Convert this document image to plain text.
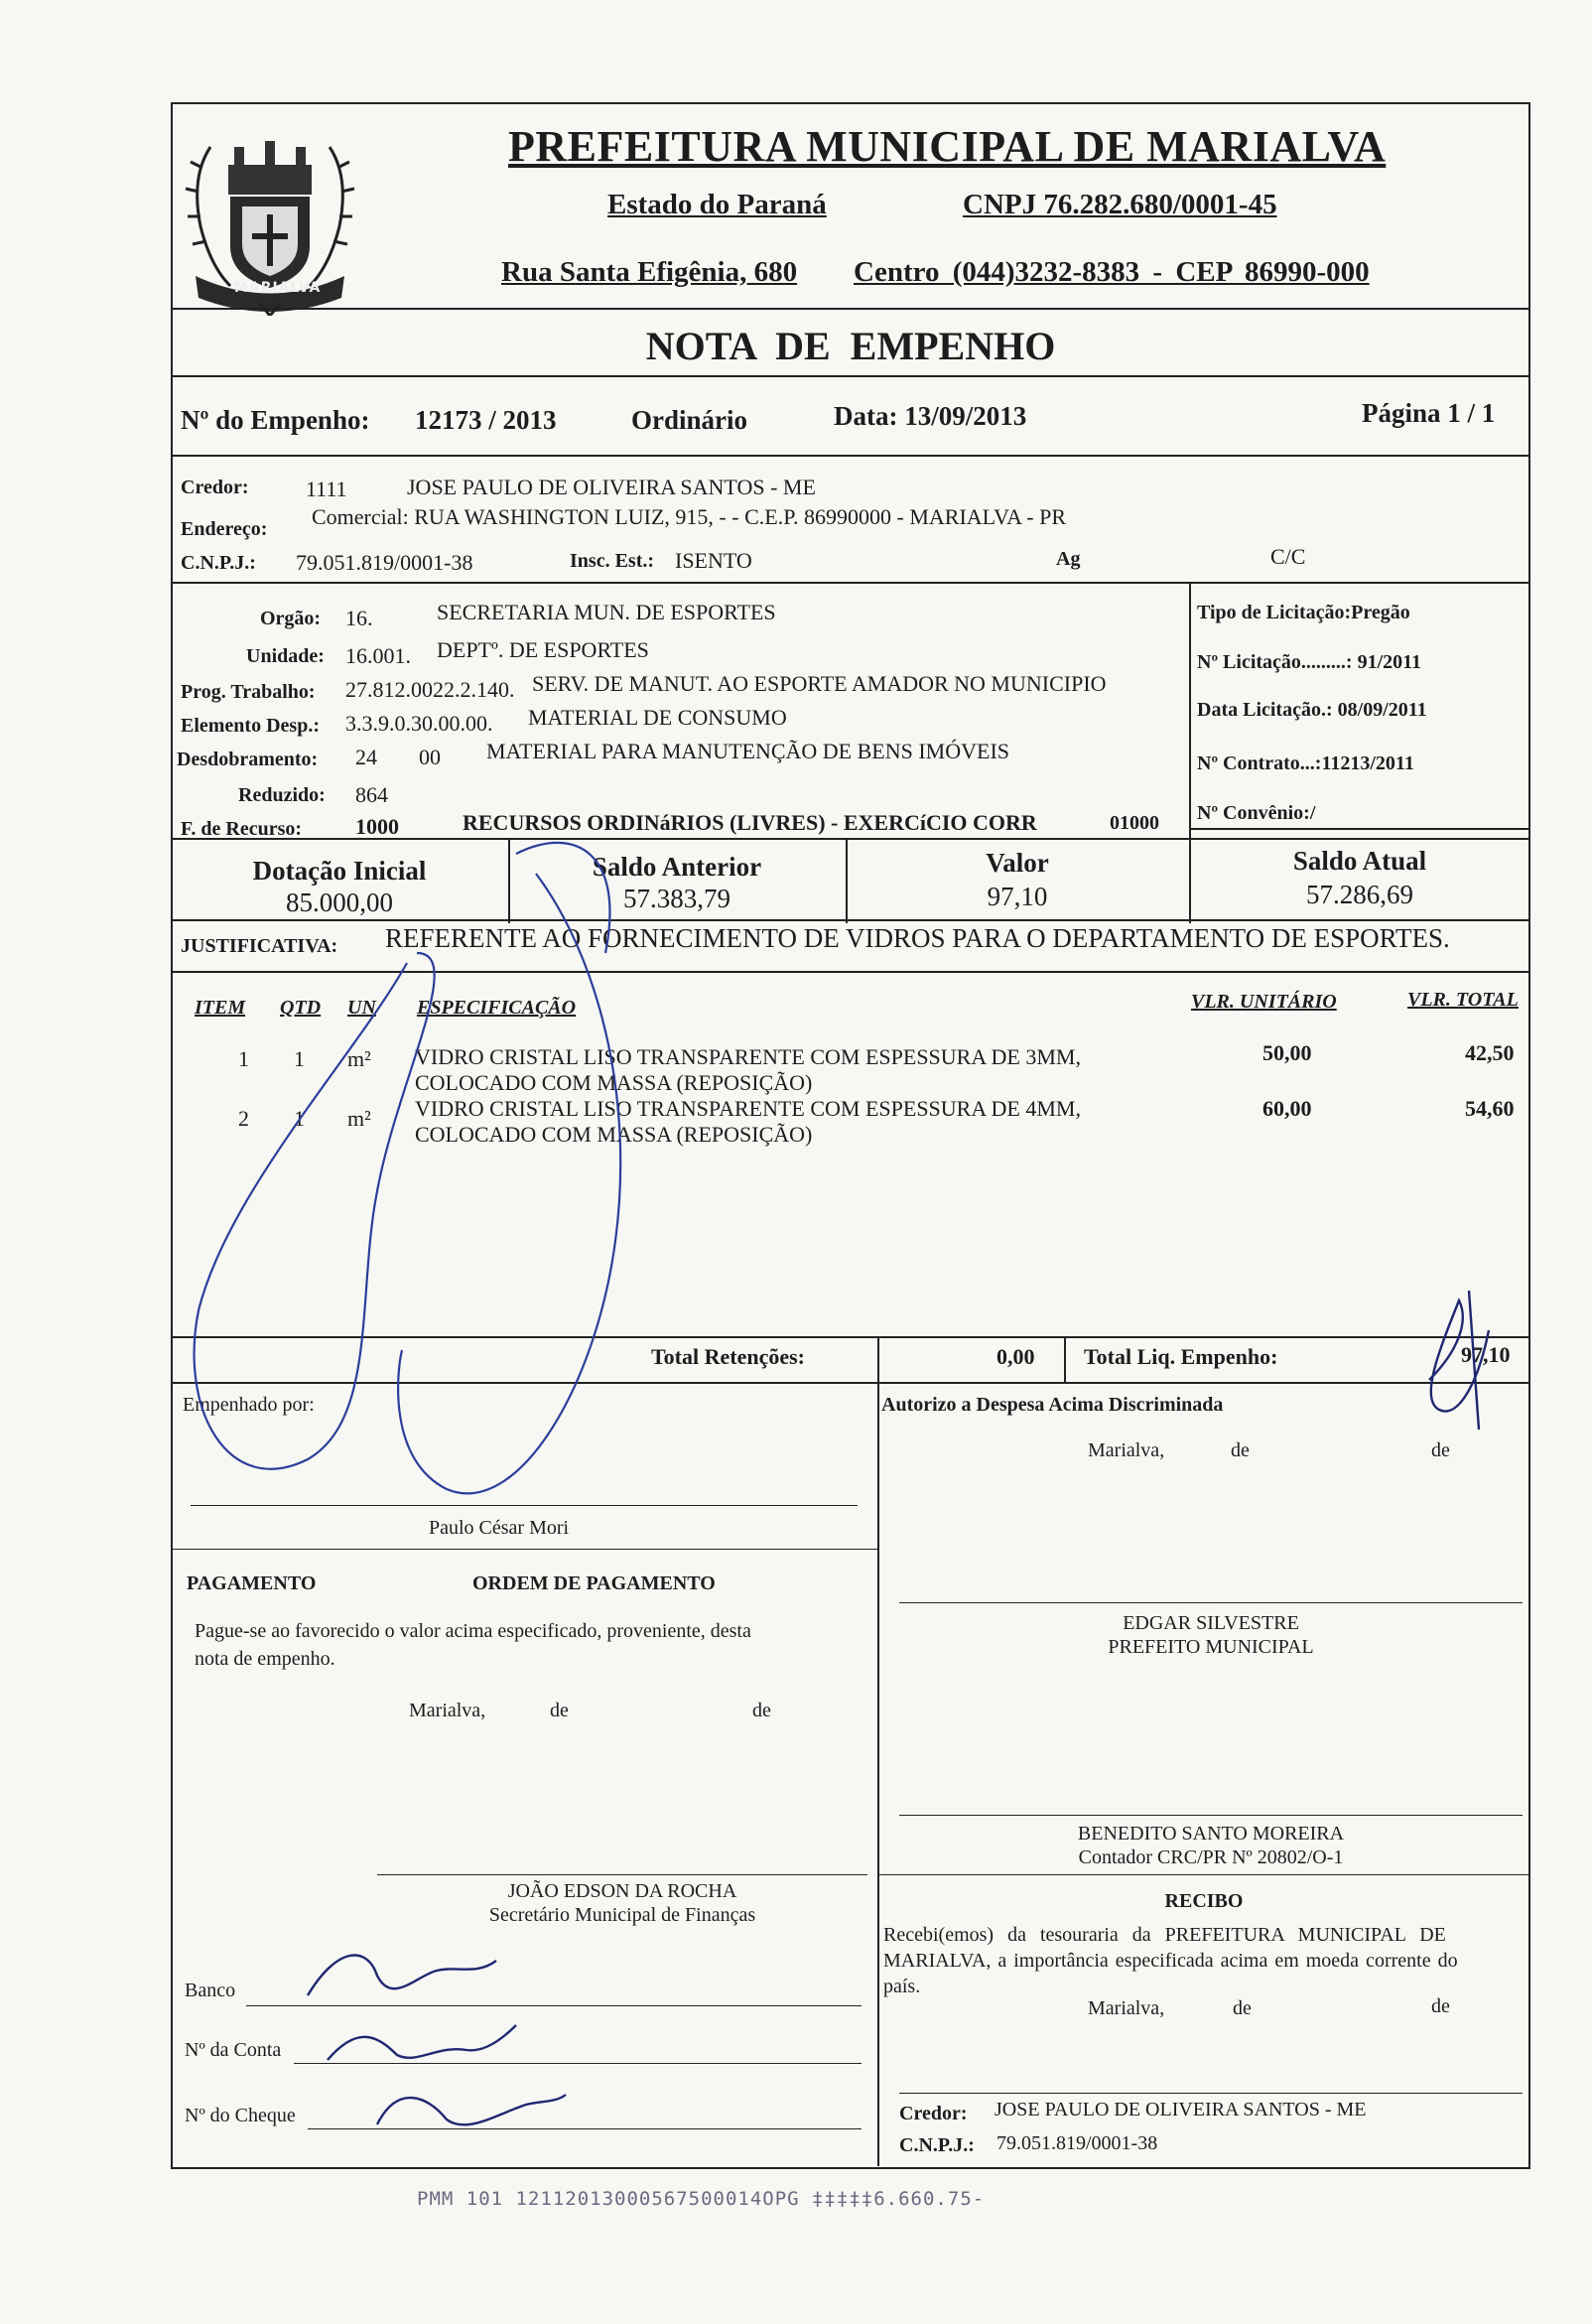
MARIALVA
PREFEITURA MUNICIPAL DE MARIALVA
Estado do Paraná	CNPJ 76.282.680/0001-45
Rua Santa Efigênia, 680 Centro (044)3232-8383 - CEP 86990-000
NOTA DE EMPENHO
Nº do Empenho: 12173 / 2013	Ordinário	Data: 13/09/2013	Página 1 / 1
Credor:	1111	JOSE PAULO DE OLIVEIRA SANTOS - ME
Endereço: Comercial: RUA WASHINGTON LUIZ, 915, - - C.E.P. 86990000 - MARIALVA - PR
C.N.P.J.: 79.051.819/0001-38	Insc. Est.: ISENTO	Ag	C/C
Orgão: 16.	SECRETARIA MUN. DE ESPORTES
Unidade: 16.001. DEPTº. DE ESPORTES
Prog. Trabalho: 27.812.0022.2.140. SERV. DE MANUT. AO ESPORTE AMADOR NO MUNICIPIO
Elemento Desp.: 3.3.9.0.30.00.00. MATERIAL DE CONSUMO
Desdobramento: 24 00 MATERIAL PARA MANUTENÇÃO DE BENS IMÓVEIS
Reduzido: 864
F. de Recurso: 1000	RECURSOS ORDINáRIOS (LIVRES) - EXERCíCIO CORR	01000
Tipo de Licitação:Pregão
Nº Licitação.........: 91/2011
Data Licitação.: 08/09/2011
Nº Contrato...:11213/2011
Nº Convênio:/
Dotação Inicial
85.000,00
Saldo Anterior
57.383,79
Valor
97,10
Saldo Atual
57.286,69
JUSTIFICATIVA: REFERENTE AO FORNECIMENTO DE VIDROS PARA O DEPARTAMENTO DE ESPORTES.
ITEM QTD UN ESPECIFICAÇÃO	VLR. UNITÁRIO	VLR. TOTAL
1 1 m² VIDRO CRISTAL LISO TRANSPARENTE COM ESPESSURA DE 3MM,
COLOCADO COM MASSA (REPOSIÇÃO)
50,00	42,50
2 1 m² VIDRO CRISTAL LISO TRANSPARENTE COM ESPESSURA DE 4MM,
COLOCADO COM MASSA (REPOSIÇÃO)
60,00	54,60
Total Retenções:	0,00 Total Liq. Empenho:	97,10
Empenhado por:	Autorizo a Despesa Acima Discriminada
Marialva,	de	de
Paulo César Mori
PAGAMENTO	ORDEM DE PAGAMENTO
Pague-se ao favorecido o valor acima especificado, proveniente, desta
nota de empenho.
Marialva,	de	de
EDGAR SILVESTRE
PREFEITO MUNICIPAL
BENEDITO SANTO MOREIRA
Contador CRC/PR Nº 20802/O-1
JOÃO EDSON DA ROCHA
Secretário Municipal de Finanças
RECIBO
Recebi(emos) da tesouraria da PREFEITURA MUNICIPAL DE
MARIALVA, a importância especificada acima em moeda corrente do
país.
Marialva,	de	de
Banco
Nº da Conta
Nº do Cheque	Credor: JOSE PAULO DE OLIVEIRA SANTOS - ME
C.N.P.J.: 79.051.819/0001-38
PMM 101 12112013000567500014OPG ‡‡‡‡‡6.660.75-
